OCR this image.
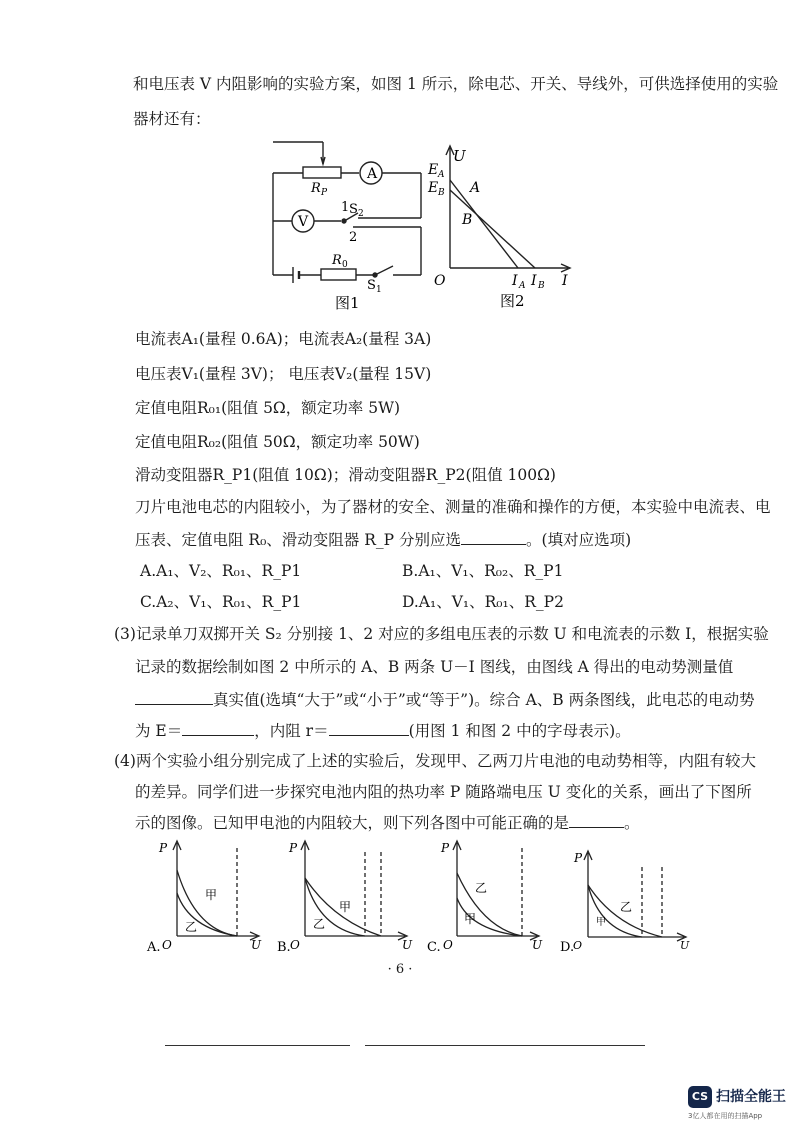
和电压表 V 内阻影响的实验方案，如图 1 所示，除电芯、开关、导线外，可供选择使用的实验
器材还有：
A
V
R P
1 S 2
2
R 0
S 1
图1
U
E A
E B A
B
O	I A I B I
图2
电流表A₁(量程 0.6A)；电流表A₂(量程 3A)
电压表V₁(量程 3V)； 电压表V₂(量程 15V)
定值电阻R₀₁(阻值 5Ω，额定功率 5W)
定值电阻R₀₂(阻值 50Ω，额定功率 50W)
滑动变阻器R_P1(阻值 10Ω)；滑动变阻器R_P2(阻值 100Ω)
刀片电池电芯的内阻较小，为了器材的安全、测量的准确和操作的方便，本实验中电流表、电
压表、定值电阻 R₀、滑动变阻器 R_P 分别应选	。(填对应选项)
A.A₁、V₂、R₀₁、R_P1	B.A₁、V₁、R₀₂、R_P1
C.A₂、V₁、R₀₁、R_P1	D.A₁、V₁、R₀₁、R_P2
(3)记录单刀双掷开关 S₂ 分别接 1、2 对应的多组电压表的示数 U 和电流表的示数 I，根据实验
记录的数据绘制如图 2 中所示的 A、B 两条 U－I 图线，由图线 A 得出的电动势测量值
真实值(选填“大于”或“小于”或“等于”)。综合 A、B 两条图线，此电芯的电动势
为 E＝	，内阻 r＝	(用图 1 和图 2 中的字母表示)。
(4)两个实验小组分别完成了上述的实验后，发现甲、乙两刀片电池的电动势相等，内阻有较大
的差异。同学们进一步探究电池内阻的热功率 P 随路端电压 U 变化的关系，画出了下图所
示的图像。已知甲电池的内阻较大，则下列各图中可能正确的是	。
P
甲
乙
O	U
A.
P
甲
乙
O	U
B.
P
乙
甲
O	U
C.
P
乙
甲
O	U
D.
· 6 ·
CS 扫描全能王
3亿人都在用的扫描App
